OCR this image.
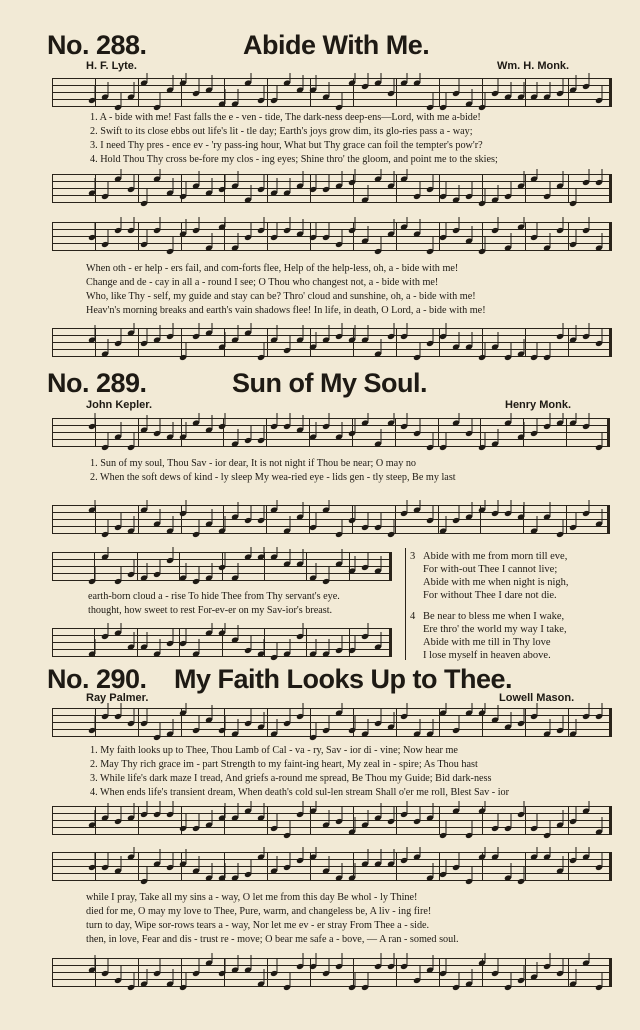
No. 288.	Abide With Me.
H. F. Lyte.	Wm. H. Monk.
1. A - bide with me! Fast falls the e - ven - tide, The dark-ness deep-ens—Lord, with me a-bide!
2. Swift to its close ebbs out life's lit - tle day; Earth's joys grow dim, its glo-ries pass a - way;
3. I need Thy pres - ence ev - 'ry pass-ing hour, What but Thy grace can foil the tempter's pow'r?
4. Hold Thou Thy cross be-fore my clos - ing eyes; Shine thro' the gloom, and point me to the skies;
When oth - er help - ers fail, and com-forts flee, Help of the help-less, oh, a - bide with me!
Change and de - cay in all a - round I see; O Thou who changest not, a - bide with me!
Who, like Thy - self, my guide and stay can be? Thro' cloud and sunshine, oh, a - bide with me!
Heav'n's morning breaks and earth's vain shadows flee! In life, in death, O Lord, a - bide with me!
No. 289.	Sun of My Soul.
John Kepler.	Henry Monk.
1. Sun of my soul, Thou Sav - ior dear, It is not night if Thou be near; O may no
2. When the soft dews of kind - ly sleep My wea-ried eye - lids gen - tly steep, Be my last
earth-born cloud a - rise To hide Thee from Thy servant's eye.
thought, how sweet to rest For-ev-er on my Sav-ior's breast.
3 Abide with me from morn till eve,
For with-out Thee I cannot live;
Abide with me when night is nigh,
For without Thee I dare not die.
4 Be near to bless me when I wake,
Ere thro' the world my way I take,
Abide with me till in Thy love
I lose myself in heaven above.
No. 290. My Faith Looks Up to Thee.
Ray Palmer.	Lowell Mason.
1. My faith looks up to Thee, Thou Lamb of Cal - va - ry, Sav - ior di - vine; Now hear me
2. May Thy rich grace im - part Strength to my faint-ing heart, My zeal in - spire; As Thou hast
3. While life's dark maze I tread, And griefs a-round me spread, Be Thou my Guide; Bid dark-ness
4. When ends life's transient dream, When death's cold sul-len stream Shall o'er me roll, Blest Sav - ior
while I pray, Take all my sins a - way, O let me from this day Be whol - ly Thine!
died for me, O may my love to Thee, Pure, warm, and changeless be, A liv - ing fire!
turn to day, Wipe sor-rows tears a - way, Nor let me ev - er stray From Thee a - side.
then, in love, Fear and dis - trust re - move; O bear me safe a - bove, — A ran - somed soul.
